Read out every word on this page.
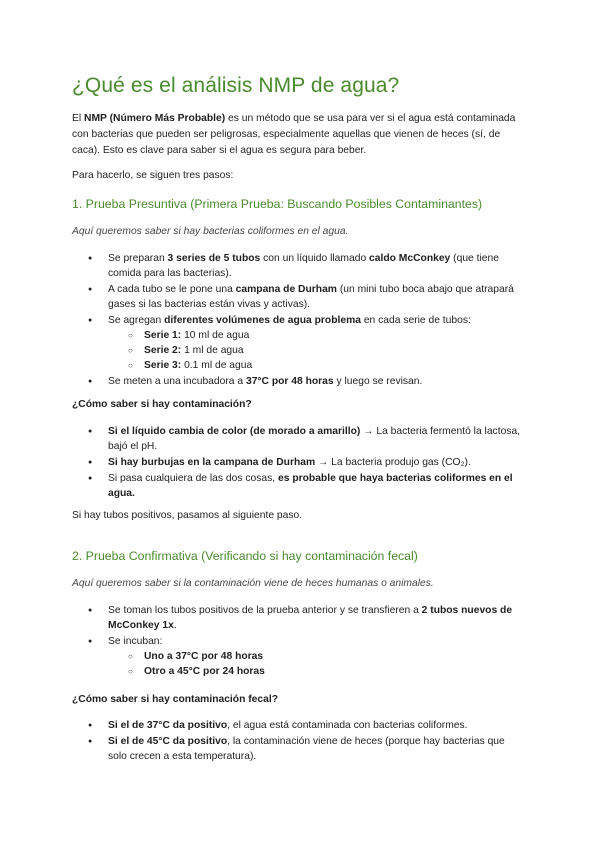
¿Qué es el análisis NMP de agua?

El NMP (Número Más Probable) es un método que se usa para ver si el agua está contaminada con bacterias que pueden ser peligrosas, especialmente aquellas que vienen de heces (sí, de caca). Esto es clave para saber si el agua es segura para beber.

Para hacerlo, se siguen tres pasos:

1. Prueba Presuntiva (Primera Prueba: Buscando Posibles Contaminantes)

Aquí queremos saber si hay bacterias coliformes en el agua.

● Se preparan 3 series de 5 tubos con un líquido llamado caldo McConkey (que tiene comida para las bacterias).
● A cada tubo se le pone una campana de Durham (un mini tubo boca abajo que atrapará gases si las bacterias están vivas y activas).
● Se agregan diferentes volúmenes de agua problema en cada serie de tubos:
○ Serie 1: 10 ml de agua
○ Serie 2: 1 ml de agua
○ Serie 3: 0.1 ml de agua
● Se meten a una incubadora a 37°C por 48 horas y luego se revisan.

¿Cómo saber si hay contaminación?

● Si el líquido cambia de color (de morado a amarillo) → La bacteria fermentó la lactosa, bajó el pH.
● Si hay burbujas en la campana de Durham → La bacteria produjo gas (CO₂).
● Si pasa cualquiera de las dos cosas, es probable que haya bacterias coliformes en el agua.

Si hay tubos positivos, pasamos al siguiente paso.

2. Prueba Confirmativa (Verificando si hay contaminación fecal)

Aquí queremos saber si la contaminación viene de heces humanas o animales.

● Se toman los tubos positivos de la prueba anterior y se transfieren a 2 tubos nuevos de McConkey 1x.
● Se incuban:
○ Uno a 37°C por 48 horas
○ Otro a 45°C por 24 horas

¿Cómo saber si hay contaminación fecal?

● Si el de 37°C da positivo, el agua está contaminada con bacterias coliformes.
● Si el de 45°C da positivo, la contaminación viene de heces (porque hay bacterias que solo crecen a esta temperatura).
